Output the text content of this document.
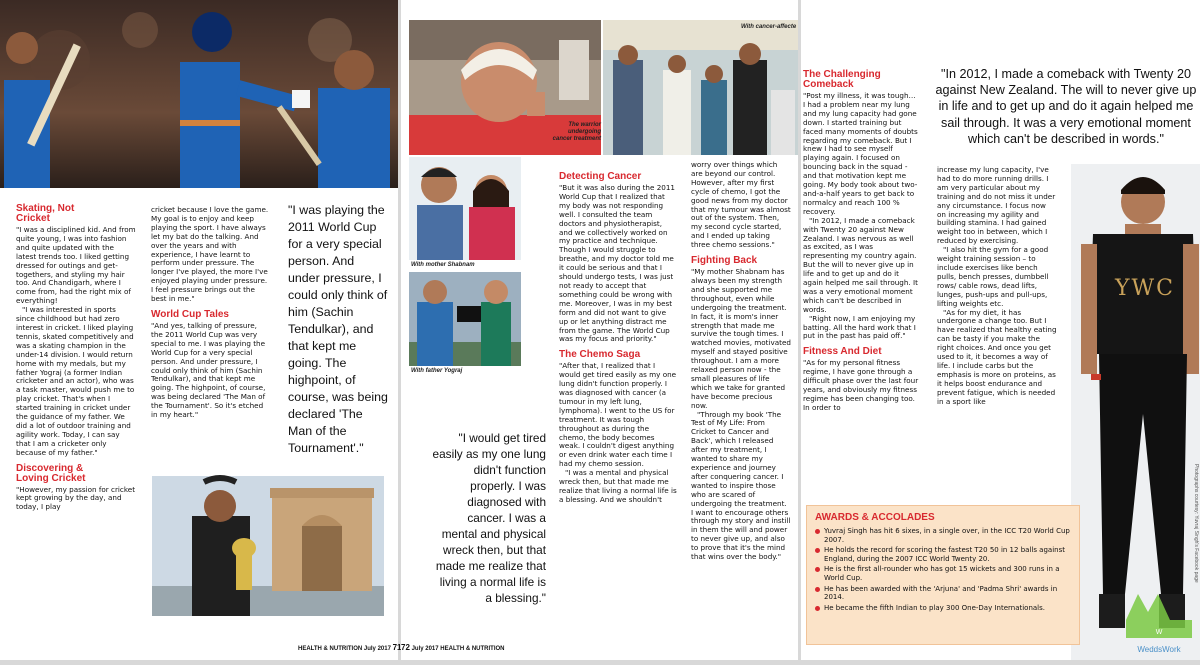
Skating, Not Cricket

"I was a disciplined kid. And from quite young, I was into fashion and quite updated with the latest trends too. I liked getting dressed for outings and get-togethers, and styling my hair too. And Chandigarh, where I come from, had the right mix of everything!

"I was interested in sports since childhood but had zero interest in cricket. I liked playing tennis, skated competitively and was a skating champion in the under-14 division. I would return home with my medals, but my father Yograj (a former Indian cricketer and an actor), who was a task master, would push me to play cricket. That's when I started training in cricket under the guidance of my father. We did a lot of outdoor training and agility work. Today, I can say that I am a cricketer only because of my father."

Discovering & Loving Cricket

"However, my passion for cricket kept growing by the day, and today, I play

cricket because I love the game. My goal is to enjoy and keep playing the sport. I have always let my bat do the talking. And over the years and with experience, I have learnt to perform under pressure. The longer I've played, the more I've enjoyed playing under pressure. I feel pressure brings out the best in me."

World Cup Tales

"And yes, talking of pressure, the 2011 World Cup was very special to me. I was playing the World Cup for a very special person. And under pressure, I could only think of him (Sachin Tendulkar), and that kept me going. The highpoint, of course, was being declared 'The Man of the Tournament'. So it's etched in my heart."

"I was playing the 2011 World Cup for a very special person. And under pressure, I could only think of him (Sachin Tendulkar), and that kept me going. The highpoint, of course, was being declared 'The Man of the Tournament'."
HEALTH & NUTRITION July 2017 71
The warrior undergoing cancer treatment
With cancer-affecte
With mother Shabnam
With father Yograj
Detecting Cancer

"But it was also during the 2011 World Cup that I realized that my body was not responding well. I consulted the team doctors and physiotherapist, and we collectively worked on my practice and technique. Though I would struggle to breathe, and my doctor told me it could be serious and that I should undergo tests, I was just not ready to accept that something could be wrong with me. Moreover, I was in my best form and did not want to give up or let anything distract me from the game. The World Cup was my focus and priority."

The Chemo Saga

"After that, I realized that I would get tired easily as my one lung didn't function properly. I was diagnosed with cancer (a tumour in my left lung, lymphoma). I went to the US for treatment. It was tough throughout as during the chemo, the body becomes weak. I couldn't digest anything or even drink water each time I had my chemo session.

"I was a mental and physical wreck then, but that made me realize that living a normal life is a blessing. And we shouldn't

worry over things which are beyond our control. However, after my first cycle of chemo, I got the good news from my doctor that my tumour was almost out of the system. Then, my second cycle started, and I ended up taking three chemo sessions."

Fighting Back

"My mother Shabnam has always been my strength and she supported me throughout, even while undergoing the treatment. In fact, it is mom's inner strength that made me survive the tough times. I watched movies, motivated myself and stayed positive throughout. I am a more relaxed person now - the small pleasures of life which we take for granted have become precious now.

"Through my book 'The Test of My Life: From Cricket to Cancer and Back', which I released after my treatment, I wanted to share my experience and journey after conquering cancer. I wanted to inspire those who are scared of undergoing the treatment. I want to encourage others through my story and instill in them the will and power to never give up, and also to prove that it's the mind that wins over the body."

"I would get tired easily as my one lung didn't function properly. I was diagnosed with cancer. I was a mental and physical wreck then, but that made me realize that living a normal life is a blessing."
72 July 2017 HEALTH & NUTRITION
"In 2012, I made a comeback with Twenty 20 against New Zealand. The will to never give up in life and to get up and do it again helped me sail through. It was a very emotional moment which can't be described in words."
The Challenging Comeback

"Post my illness, it was tough… I had a problem near my lung and my lung capacity had gone down. I started training but faced many moments of doubts regarding my comeback. But I knew I had to see myself playing again. I focused on bouncing back in the squad - and that motivation kept me going. My body took about two-and-a-half years to get back to normalcy and reach 100 % recovery.

"In 2012, I made a comeback with Twenty 20 against New Zealand. I was nervous as well as excited, as I was representing my country again. But the will to never give up in life and to get up and do it again helped me sail through. It was a very emotional moment which can't be described in words.

"Right now, I am enjoying my batting. All the hard work that I put in the past has paid off."

Fitness And Diet

"As for my personal fitness regime, I have gone through a difficult phase over the last four years, and obviously my fitness regime has been changing too. In order to

increase my lung capacity, I've had to do more running drills. I am very particular about my training and do not miss it under any circumstance. I focus now on increasing my agility and building stamina. I had gained weight too in between, which I reduced by exercising.

"I also hit the gym for a good weight training session – to include exercises like bench pulls, bench presses, dumbbell rows/ cable rows, dead lifts, lunges, push-ups and pull-ups, lifting weights etc.

"As for my diet, it has undergone a change too. But I have realized that healthy eating can be tasty if you make the right choices. And once you get used to it, it becomes a way of life. I include carbs but the emphasis is more on proteins, as it helps boost endurance and prevent fatigue, which is needed in a sport like

YWC
Photographs courtesy: Yuvraj Singh's Facebook page
AWARDS & ACCOLADES
Yuvraj Singh has hit 6 sixes, in a single over, in the ICC T20 World Cup 2007.
He holds the record for scoring the fastest T20 50 in 12 balls against England, during the 2007 ICC World Twenty 20.
He is the first all-rounder who has got 15 wickets and 300 runs in a World Cup.
He has been awarded with the 'Arjuna' and 'Padma Shri' awards in 2014.
He became the fifth Indian to play 300 One-Day Internationals.
W
WeddsWork
